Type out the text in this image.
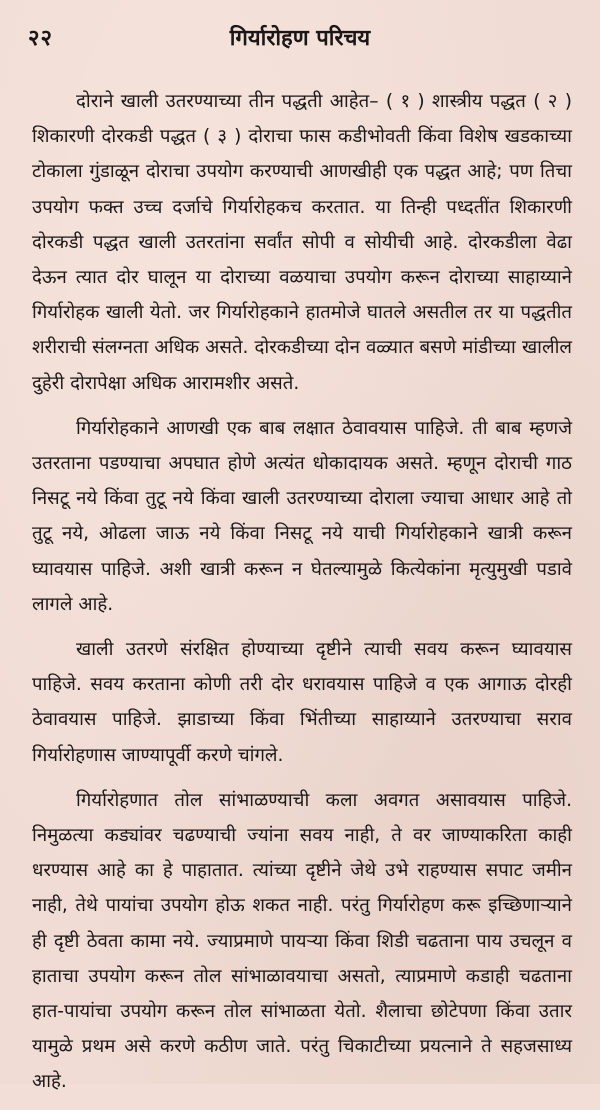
२२	गिर्यारोहण परिचय

दोराने खाली उतरण्याच्या तीन पद्धती आहेत– ( १ ) शास्त्रीय पद्धत ( २ ) शिकारणी दोरकडी पद्धत ( ३ ) दोराचा फास कडीभोवती किंवा विशेष खडकाच्या टोकाला गुंडाळून दोराचा उपयोग करण्याची आणखीही एक पद्धत आहे; पण तिचा उपयोग फक्त उच्च दर्जाचे गिर्यारोहकच करतात. या तिन्ही पध्दतींत शिकारणी दोरकडी पद्धत खाली उतरतांना सर्वांत सोपी व सोयीची आहे. दोरकडीला वेढा देऊन त्यात दोर घालून या दोराच्या वळयाचा उपयोग करून दोराच्या साहाय्याने गिर्यारोहक खाली येतो. जर गिर्यारोहकाने हातमोजे घातले असतील तर या पद्धतीत शरीराची संलग्नता अधिक असते. दोरकडीच्या दोन वळ्यात बसणे मांडीच्या खालील दुहेरी दोरापेक्षा अधिक आरामशीर असते.

गिर्यारोहकाने आणखी एक बाब लक्षात ठेवावयास पाहिजे. ती बाब म्हणजे उतरताना पडण्याचा अपघात होणे अत्यंत धोकादायक असते. म्हणून दोराची गाठ निसटू नये किंवा तुटू नये किंवा खाली उतरण्याच्या दोराला ज्याचा आधार आहे तो तुटू नये, ओढला जाऊ नये किंवा निसटू नये याची गिर्यारोहकाने खात्री करून घ्यावयास पाहिजे. अशी खात्री करून न घेतल्यामुळे कित्येकांना मृत्युमुखी पडावे लागले आहे.

खाली उतरणे संरक्षित होण्याच्या दृष्टीने त्याची सवय करून घ्यावयास पाहिजे. सवय करताना कोणी तरी दोर धरावयास पाहिजे व एक आगाऊ दोरही ठेवावयास पाहिजे. झाडाच्या किंवा भिंतीच्या साहाय्याने उतरण्याचा सराव गिर्यारोहणास जाण्यापूर्वी करणे चांगले.

गिर्यारोहणात तोल सांभाळण्याची कला अवगत असावयास पाहिजे. निमुळत्या कड्यांवर चढण्याची ज्यांना सवय नाही, ते वर जाण्याकरिता काही धरण्यास आहे का हे पाहातात. त्यांच्या दृष्टीने जेथे उभे राहण्यास सपाट जमीन नाही, तेथे पायांचा उपयोग होऊ शकत नाही. परंतु गिर्यारोहण करू इच्छिणाऱ्याने ही दृष्टी ठेवता कामा नये. ज्याप्रमाणे पायऱ्या किंवा शिडी चढताना पाय उचलून व हाताचा उपयोग करून तोल सांभाळावयाचा असतो, त्याप्रमाणे कडाही चढताना हात-पायांचा उपयोग करून तोल सांभाळता येतो. शैलाचा छोटेपणा किंवा उतार यामुळे प्रथम असे करणे कठीण जाते. परंतु चिकाटीच्या प्रयत्नाने ते सहजसाध्य आहे.
